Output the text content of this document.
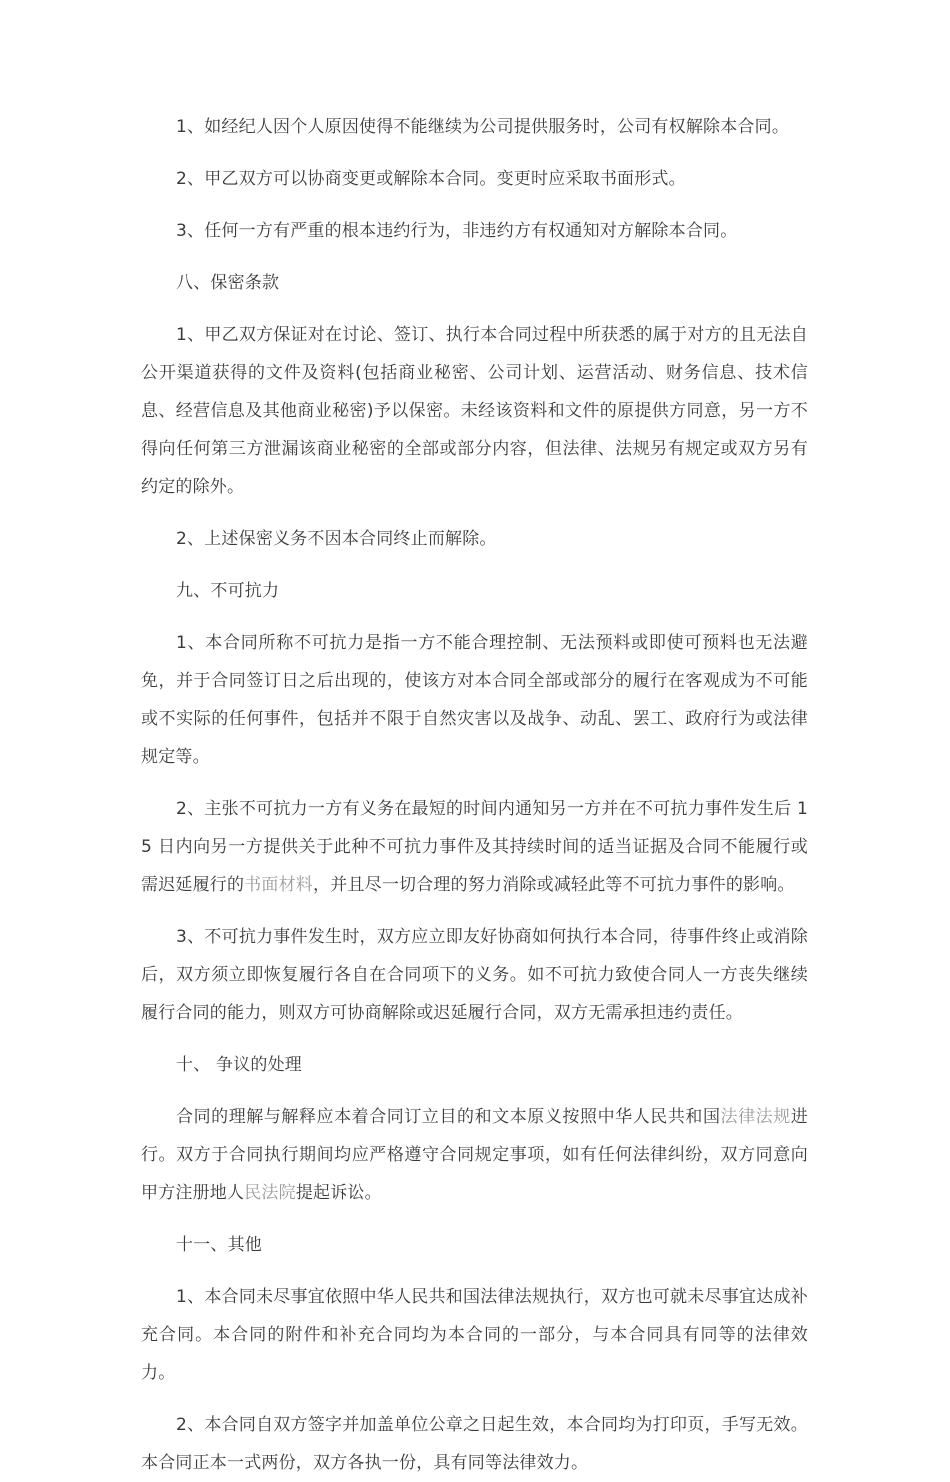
1、如经纪人因个人原因使得不能继续为公司提供服务时，公司有权解除本合同。

2、甲乙双方可以协商变更或解除本合同。变更时应采取书面形式。

3、任何一方有严重的根本违约行为，非违约方有权通知对方解除本合同。

八、保密条款

1、甲乙双方保证对在讨论、签订、执行本合同过程中所获悉的属于对方的且无法自公开渠道获得的文件及资料(包括商业秘密、公司计划、运营活动、财务信息、技术信息、经营信息及其他商业秘密)予以保密。未经该资料和文件的原提供方同意，另一方不得向任何第三方泄漏该商业秘密的全部或部分内容，但法律、法规另有规定或双方另有约定的除外。

2、上述保密义务不因本合同终止而解除。

九、不可抗力

1、本合同所称不可抗力是指一方不能合理控制、无法预料或即使可预料也无法避免，并于合同签订日之后出现的，使该方对本合同全部或部分的履行在客观成为不可能或不实际的任何事件，包括并不限于自然灾害以及战争、动乱、罢工、政府行为或法律规定等。

2、主张不可抗力一方有义务在最短的时间内通知另一方并在不可抗力事件发生后 15 日内向另一方提供关于此种不可抗力事件及其持续时间的适当证据及合同不能履行或需迟延履行的书面材料，并且尽一切合理的努力消除或减轻此等不可抗力事件的影响。

3、不可抗力事件发生时，双方应立即友好协商如何执行本合同，待事件终止或消除后，双方须立即恢复履行各自在合同项下的义务。如不可抗力致使合同人一方丧失继续履行合同的能力，则双方可协商解除或迟延履行合同，双方无需承担违约责任。

十、 争议的处理

合同的理解与解释应本着合同订立目的和文本原义按照中华人民共和国法律法规进行。双方于合同执行期间均应严格遵守合同规定事项，如有任何法律纠纷，双方同意向甲方注册地人民法院提起诉讼。

十一、其他

1、本合同未尽事宜依照中华人民共和国法律法规执行，双方也可就未尽事宜达成补充合同。本合同的附件和补充合同均为本合同的一部分，与本合同具有同等的法律效力。

2、本合同自双方签字并加盖单位公章之日起生效，本合同均为打印页，手写无效。本合同正本一式两份，双方各执一份，具有同等法律效力。
